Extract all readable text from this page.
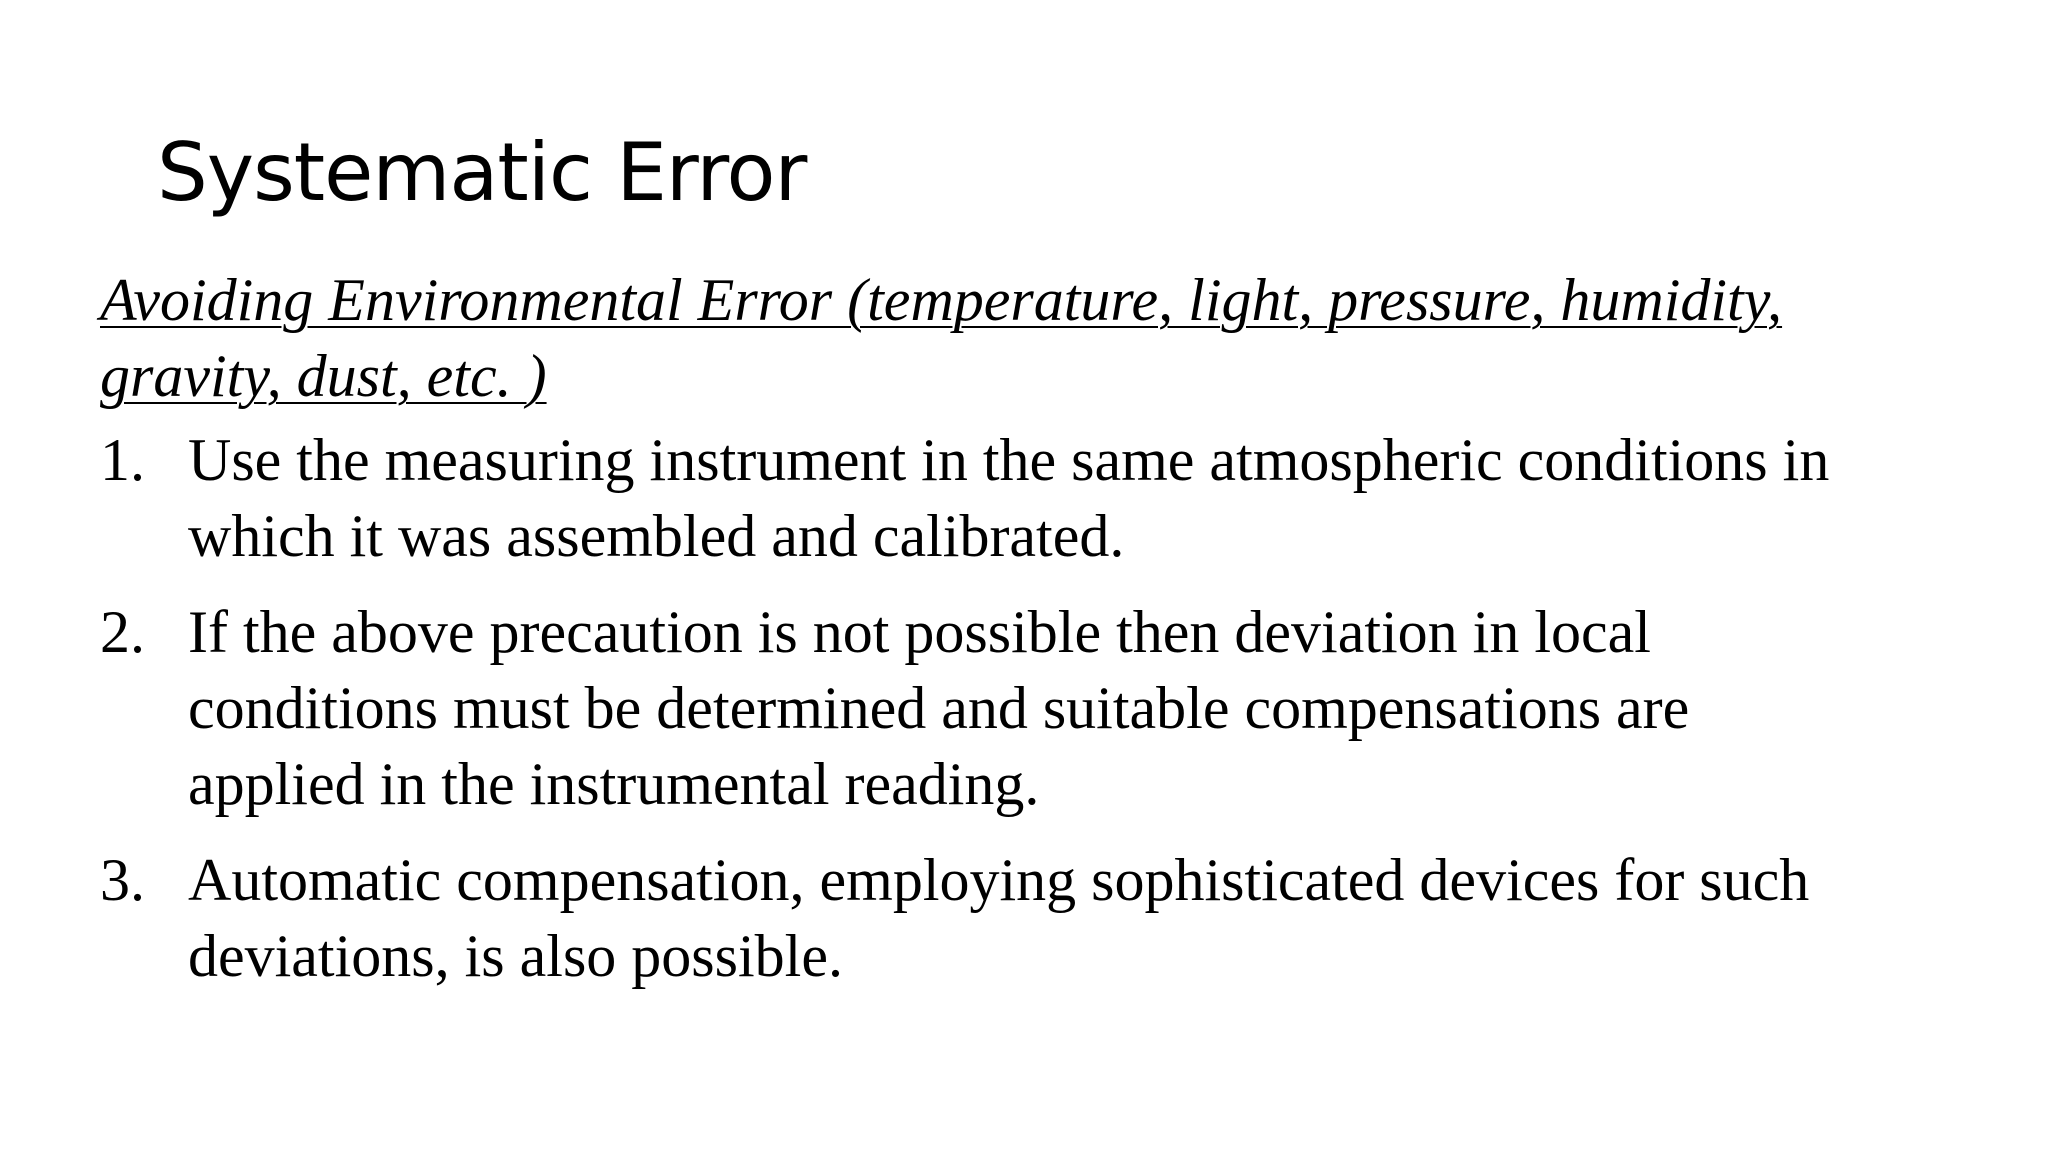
Systematic Error

Avoiding Environmental Error (temperature, light, pressure, humidity,
gravity, dust, etc. )

1. Use the measuring instrument in the same atmospheric conditions in
which it was assembled and calibrated.
2. If the above precaution is not possible then deviation in local
conditions must be determined and suitable compensations are
applied in the instrumental reading.
3. Automatic compensation, employing sophisticated devices for such
deviations, is also possible.
